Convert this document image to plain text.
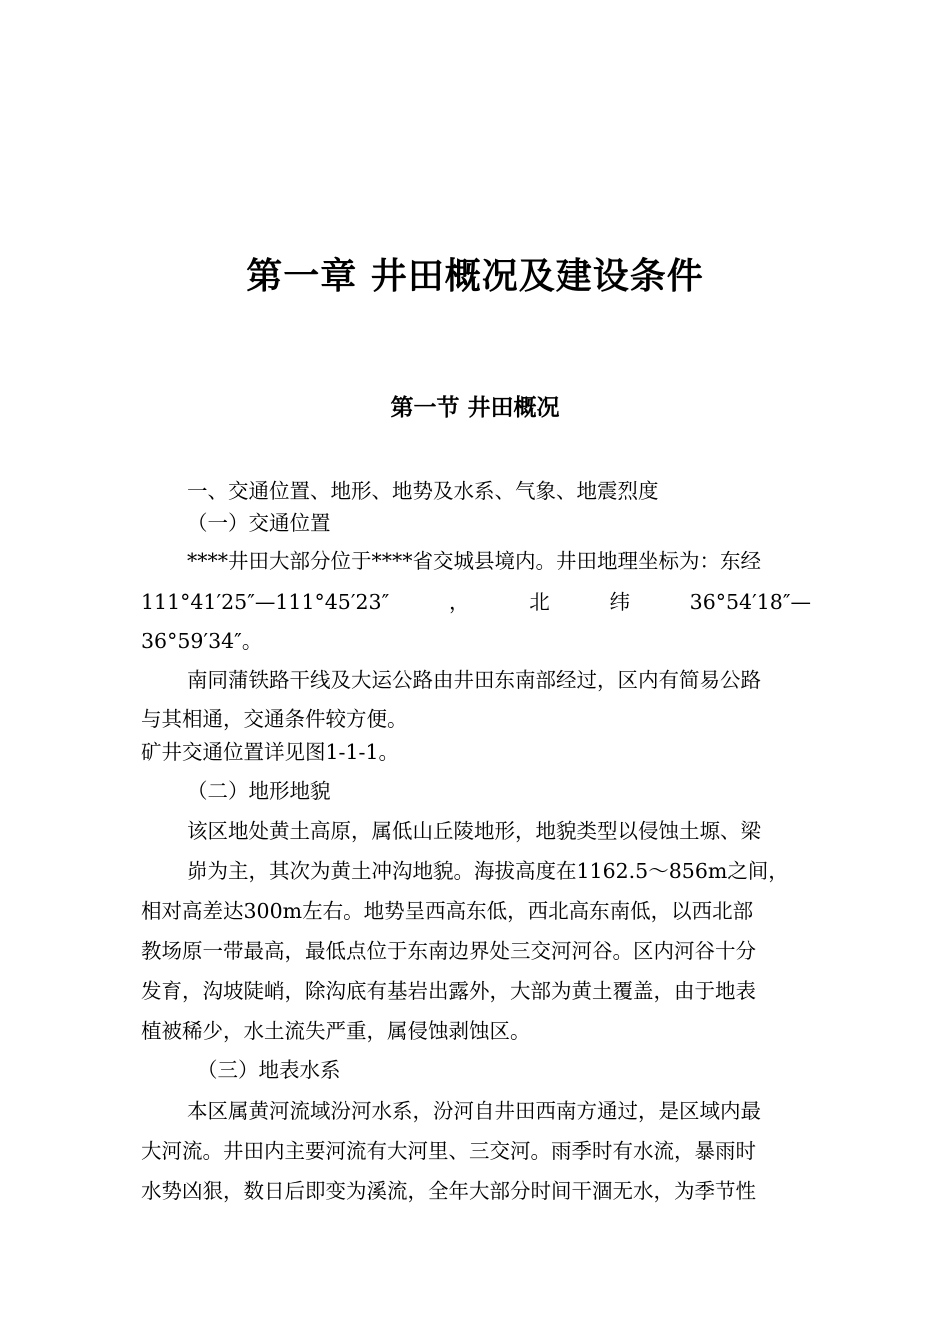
第一章 井田概况及建设条件
第一节 井田概况
一、交通位置、地形、地势及水系、气象、地震烈度
（一）交通位置
****井田大部分位于****省交城县境内。井田地理坐标为：东经
111°41′25″—111°45′23″	，	北	纬	36°54′18″—
36°59′34″。
南同蒲铁路干线及大运公路由井田东南部经过，区内有简易公路
与其相通，交通条件较方便。
矿井交通位置详见图1-1-1。
（二）地形地貌
该区地处黄土高原，属低山丘陵地形，地貌类型以侵蚀土塬、梁
峁为主，其次为黄土冲沟地貌。海拔高度在1162.5～856m之间，
相对高差达300m左右。地势呈西高东低，西北高东南低，以西北部
教场原一带最高，最低点位于东南边界处三交河河谷。区内河谷十分
发育，沟坡陡峭，除沟底有基岩出露外，大部为黄土覆盖，由于地表
植被稀少，水土流失严重，属侵蚀剥蚀区。
（三）地表水系
本区属黄河流域汾河水系，汾河自井田西南方通过，是区域内最
大河流。井田内主要河流有大河里、三交河。雨季时有水流，暴雨时
水势凶狠，数日后即变为溪流，全年大部分时间干涸无水，为季节性
